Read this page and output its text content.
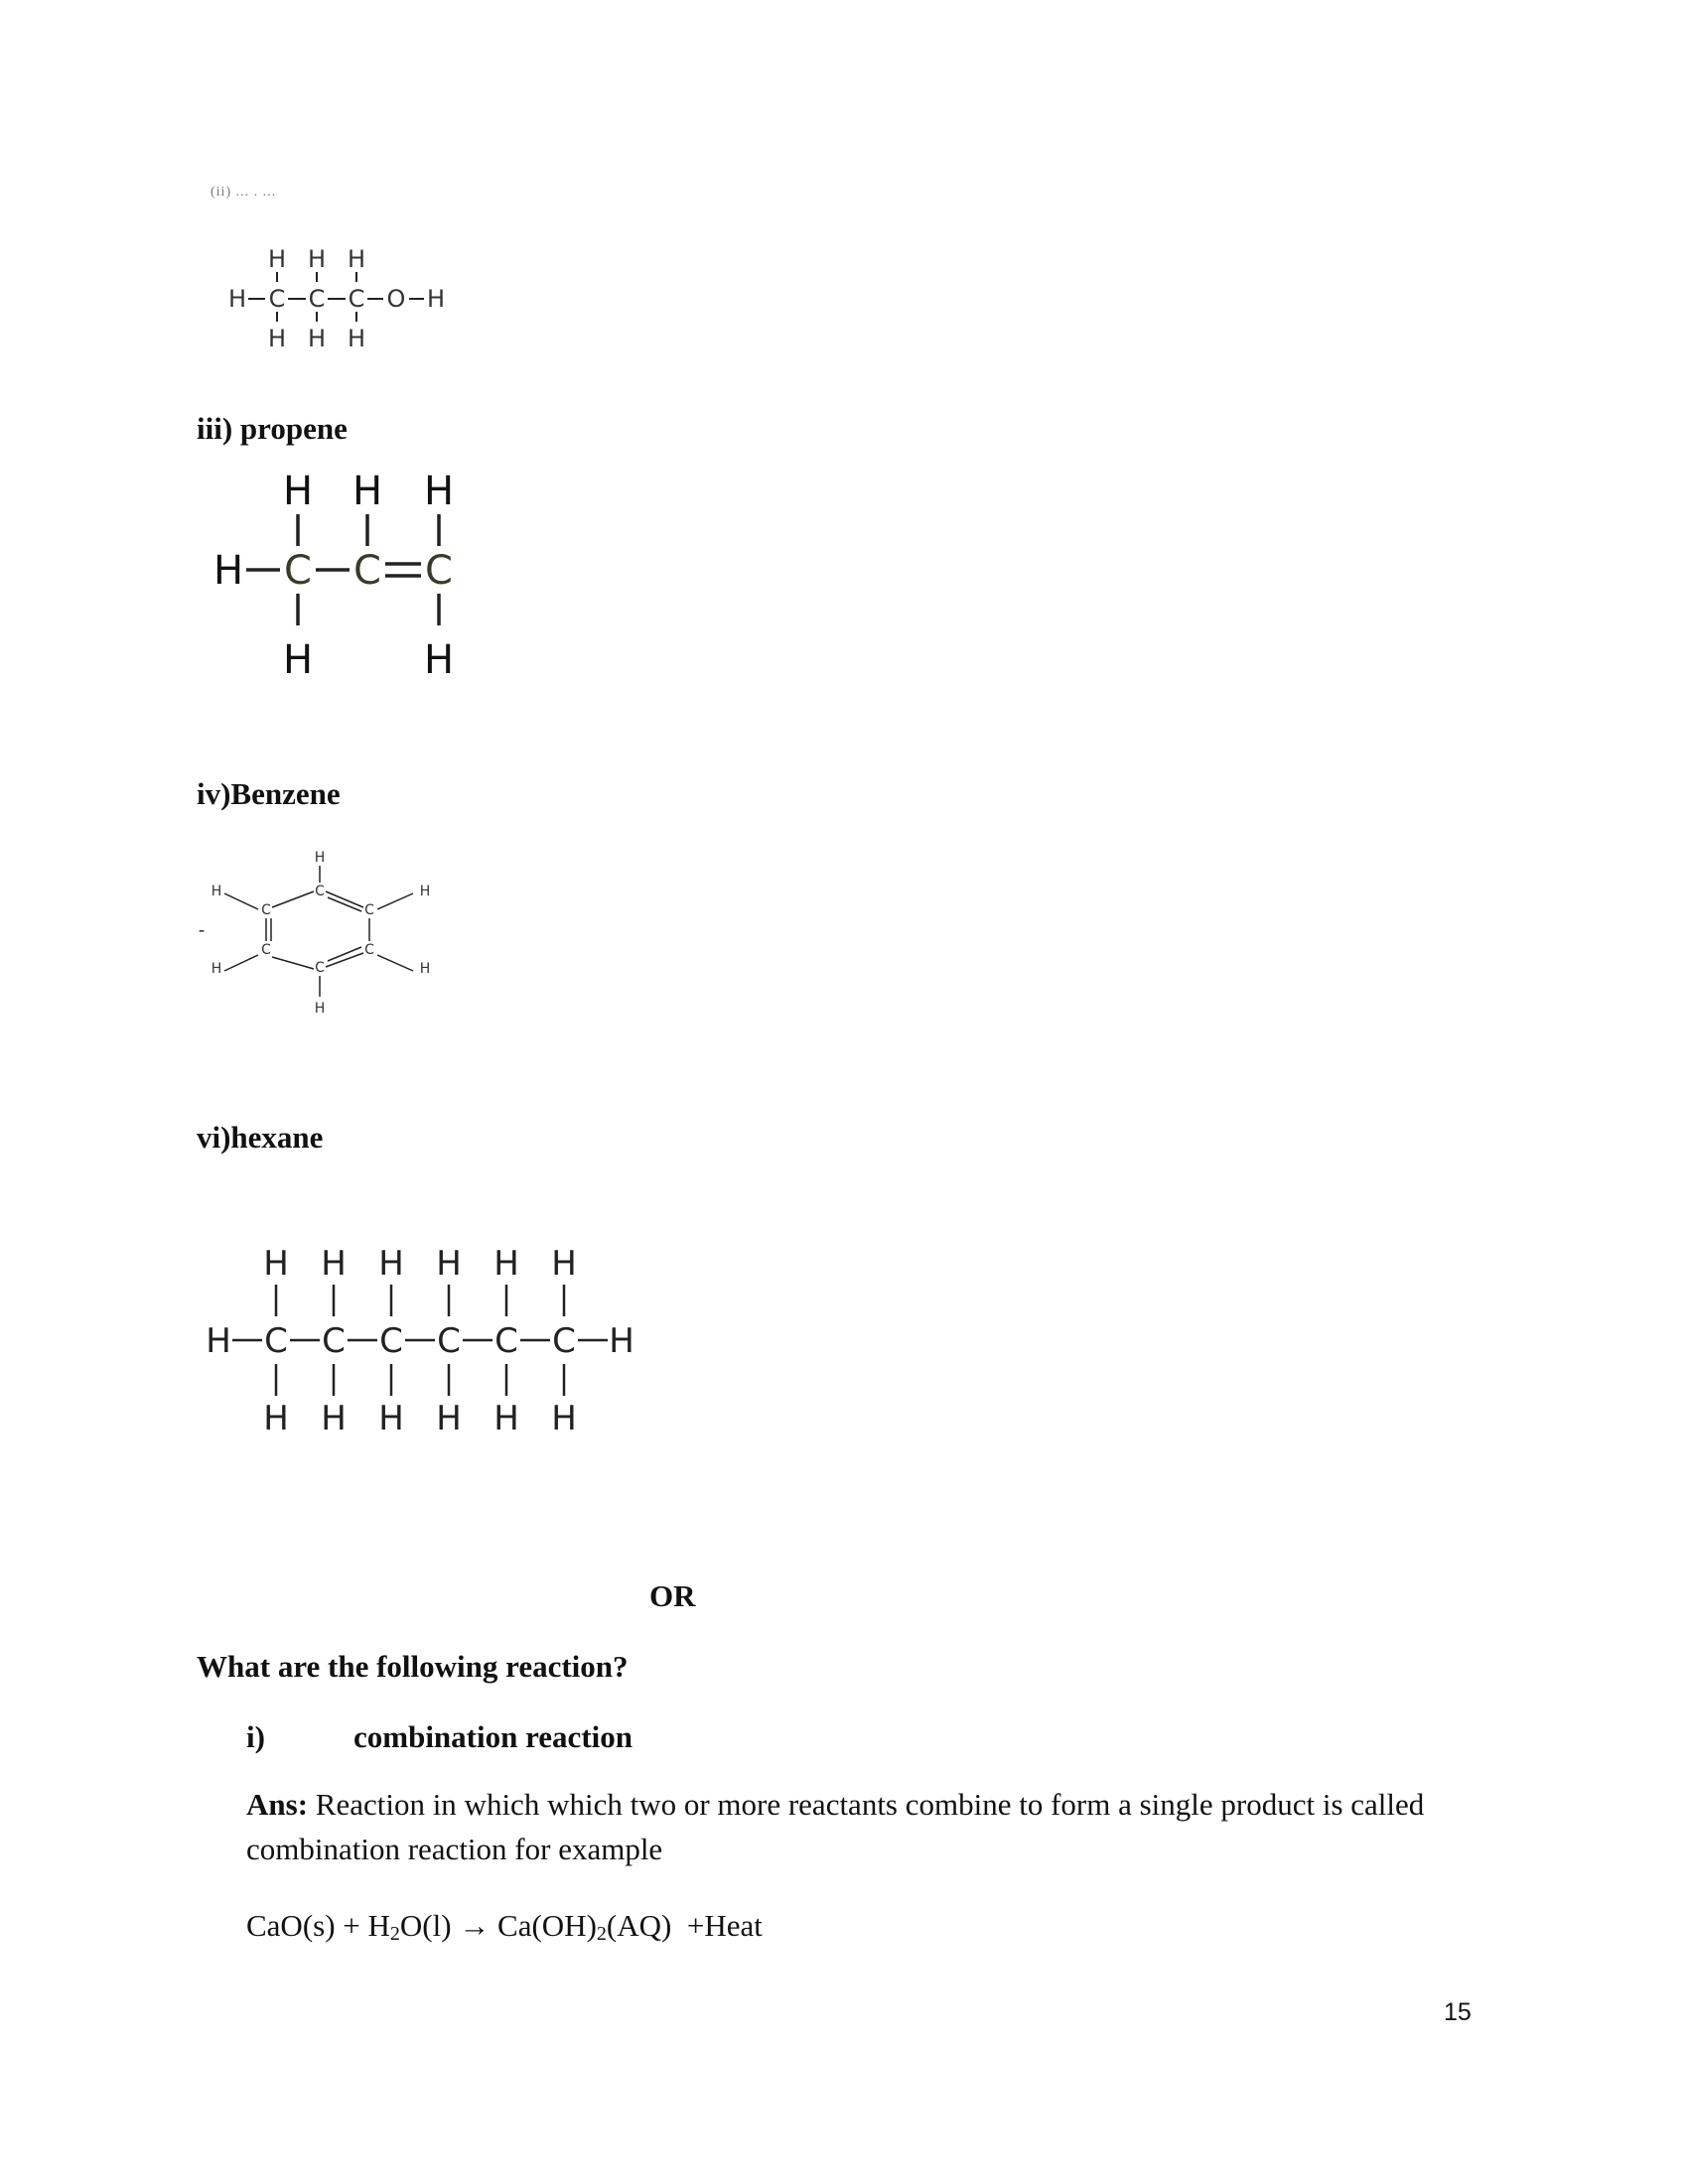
(ii) ... . ...
H H H
H C C C O H
H H H
iii) propene
H H H
H C C C
H	H
iv)Benzene
-
H
C
C	C
C	C
C
H
H	H
H	H
vi)hexane
H H H H H H
H C C C C C C H
H H H H H H
OR
What are the following reaction?
i)	combination reaction
Ans: Reaction in which which two or more reactants combine to form a single product is called combination reaction for example
$CaO(s) + H_2O(l) \to Ca(OH)_2(AQ)$  +Heat
15
